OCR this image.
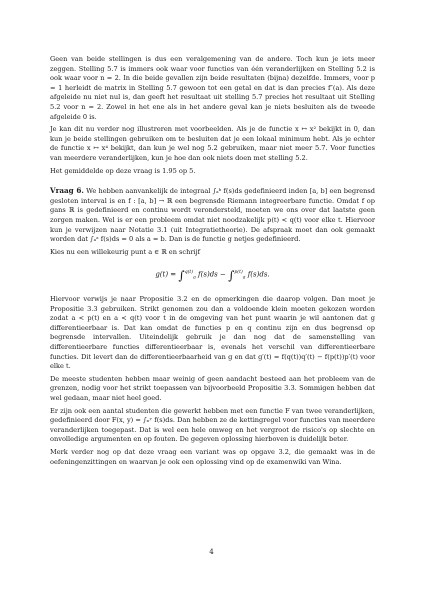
Geen van beide stellingen is dus een veralgemening van de andere. Toch kun je iets meer zeggen. Stelling 5.7 is immers ook waar voor functies van één veranderlijken en Stelling 5.2 is ook waar voor n = 2. In die beide gevallen zijn beide resultaten (bijna) dezelfde. Immers, voor p = 1 herleidt de matrix in Stelling 5.7 gewoon tot een getal en dat is dan precies f″(a). Als deze afgeleide nu niet nul is, dan geeft het resultaat uit stelling 5.7 precies het resultaat uit Stelling 5.2 voor n = 2. Zowel in het ene als in het andere geval kan je niets besluiten als de tweede afgeleide 0 is.

Je kan dit nu verder nog illustreren met voorbeelden. Als je de functie x ↦ x² bekijkt in 0, dan kun je beide stellingen gebruiken om te besluiten dat je een lokaal minimum hebt. Als je echter de functie x ↦ x⁴ bekijkt, dan kun je wel nog 5.2 gebruiken, maar niet meer 5.7. Voor functies van meerdere veranderlijken, kun je hoe dan ook niets doen met stelling 5.2.

Het gemiddelde op deze vraag is 1.95 op 5.

Vraag 6. We hebben aanvankelijk de integraal ∫ₐᵇ f(s)ds gedefinieerd inden [a, b] een begrensd gesloten interval is en f : [a, b] → ℝ een begrensde Riemann integreerbare functie. Omdat f op gans ℝ is gedefinieerd en continu wordt verondersteld, moeten we ons over dat laatste geen zorgen maken. Wel is er een probleem omdat niet noodzakelijk p(t) < q(t) voor elke t. Hiervoor kun je verwijzen naar Notatie 3.1 (uit Integratietheorie). De afspraak moet dan ook gemaakt worden dat ∫ₐᵃ f(s)ds = 0 als a = b. Dan is de functie g netjes gedefinieerd.

Kies nu een willekeurig punt a ∈ ℝ en schrijf

g(t) = ∫$^{q(t)}_a$ f(s)ds − ∫$^{p(t)}_a$ f(s)ds.

Hiervoor verwijs je naar Propositie 3.2 en de opmerkingen die daarop volgen. Dan moet je Propositie 3.3 gebruiken. Strikt genomen zou dan a voldoende klein moeten gekozen worden zodat a < p(t) en a < q(t) voor t in de omgeving van het punt waarin je wil aantonen dat g differentieerbaar is. Dat kan omdat de functies p en q continu zijn en dus begrensd op begrensde intervallen. Uiteindelijk gebruik je dan nog dat de samenstelling van differentieerbare functies differentieerbaar is, evenals het verschil van differentieerbare functies. Dit levert dan de differentieerbaarheid van g en dat g′(t) = f(q(t))q′(t) − f(p(t))p′(t) voor elke t.

De meeste studenten hebben maar weinig of geen aandacht besteed aan het probleem van de grenzen, nodig voor het strikt toepassen van bijvoorbeeld Propositie 3.3. Sommigen hebben dat wel gedaan, maar niet heel goed.

Er zijn ook een aantal studenten die gewerkt hebben met een functie F van twee veranderlijken, gedefinieerd door F(x, y) = ∫ₓʸ f(s)ds. Dan hebben ze de kettingregel voor functies van meerdere veranderlijken toegepast. Dat is wel een hele omweg en het vergroot de risico's op slechte en onvolledige argumenten en op fouten. De gegeven oplossing hierboven is duidelijk beter.

Merk verder nog op dat deze vraag een variant was op opgave 3.2, die gemaakt was in de oefeningenzittingen en waarvan je ook een oplossing vind op de examenwiki van Wina.

4
